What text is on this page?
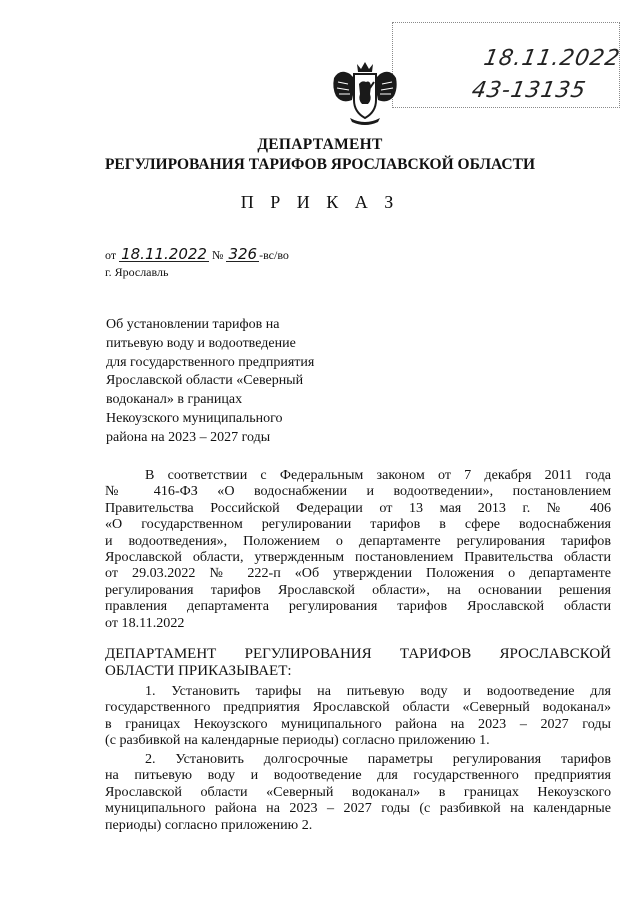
18.11.2022
43-13135
ДЕПАРТАМЕНТ
РЕГУЛИРОВАНИЯ ТАРИФОВ ЯРОСЛАВСКОЙ ОБЛАСТИ
П Р И К А З
от 18.11.2022 № 326 -вс/во
г. Ярославль
Об установлении тарифов на
питьевую воду и водоотведение
для государственного предприятия
Ярославской области «Северный
водоканал» в границах
Некоузского муниципального
района на 2023 – 2027 годы
В соответствии с Федеральным законом от 7 декабря 2011 года
№ 416-ФЗ «О водоснабжении и водоотведении», постановлением
Правительства Российской Федерации от 13 мая 2013 г. № 406
«О государственном регулировании тарифов в сфере водоснабжения
и водоотведения», Положением о департаменте регулирования тарифов
Ярославской области, утвержденным постановлением Правительства области
от 29.03.2022 № 222-п «Об утверждении Положения о департаменте
регулирования тарифов Ярославской области», на основании решения
правления департамента регулирования тарифов Ярославской области
от 18.11.2022
ДЕПАРТАМЕНТ РЕГУЛИРОВАНИЯ ТАРИФОВ ЯРОСЛАВСКОЙ
ОБЛАСТИ ПРИКАЗЫВАЕТ:
1. Установить тарифы на питьевую воду и водоотведение для
государственного предприятия Ярославской области «Северный водоканал»
в границах Некоузского муниципального района на 2023 – 2027 годы
(с разбивкой на календарные периоды) согласно приложению 1.
2. Установить долгосрочные параметры регулирования тарифов
на питьевую воду и водоотведение для государственного предприятия
Ярославской области «Северный водоканал» в границах Некоузского
муниципального района на 2023 – 2027 годы (с разбивкой на календарные
периоды) согласно приложению 2.
